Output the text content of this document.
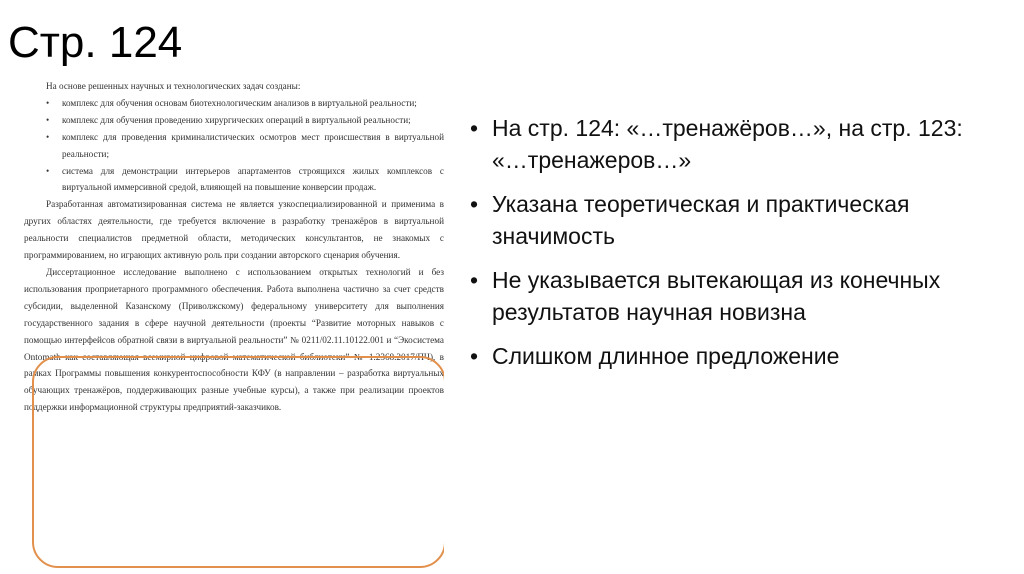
Стр. 124

На основе решенных научных и технологических задач созданы:

• комплекс для обучения основам биотехнологическим анализов в виртуальной реальности;
• комплекс для обучения проведению хирургических операций в виртуальной реальности;
• комплекс для проведения криминалистических осмотров мест происшествия в виртуальной реальности;
• система для демонстрации интерьеров апартаментов строящихся жилых комплексов с виртуальной иммерсивной средой, влияющей на повышение конверсии продаж.

Разработанная автоматизированная система не является узкоспециализированной и применима в других областях деятельности, где требуется включение в разработку тренажёров в виртуальной реальности специалистов предметной области, методических консультантов, не знакомых с программированием, но играющих активную роль при создании авторского сценария обучения.

Диссертационное исследование выполнено с использованием открытых технологий и без использования проприетарного программного обеспечения. Работа выполнена частично за счет средств субсидии, выделенной Казанскому (Приволжскому) федеральному университету для выполнения государственного задания в сфере научной деятельности (проекты “Развитие моторных навыков с помощью интерфейсов обратной связи в виртуальной реальности” № 0211/02.11.10122.001 и “Экосистема Ontomath как составляющая всемирной цифровой математической библиотеки” № 1.2368.2017/ПЧ), в рамках Программы повышения конкурентоспособности КФУ (в направлении – разработка виртуальных обучающих тренажёров, поддерживающих разные учебные курсы), а также при реализации проектов поддержки информационной структуры предприятий-заказчиков.

• На стр. 124: «…тренажёров…», на стр. 123: «…тренажеров…»
• Указана теоретическая и практическая значимость
• Не указывается вытекающая из конечных результатов научная новизна
• Слишком длинное предложение
